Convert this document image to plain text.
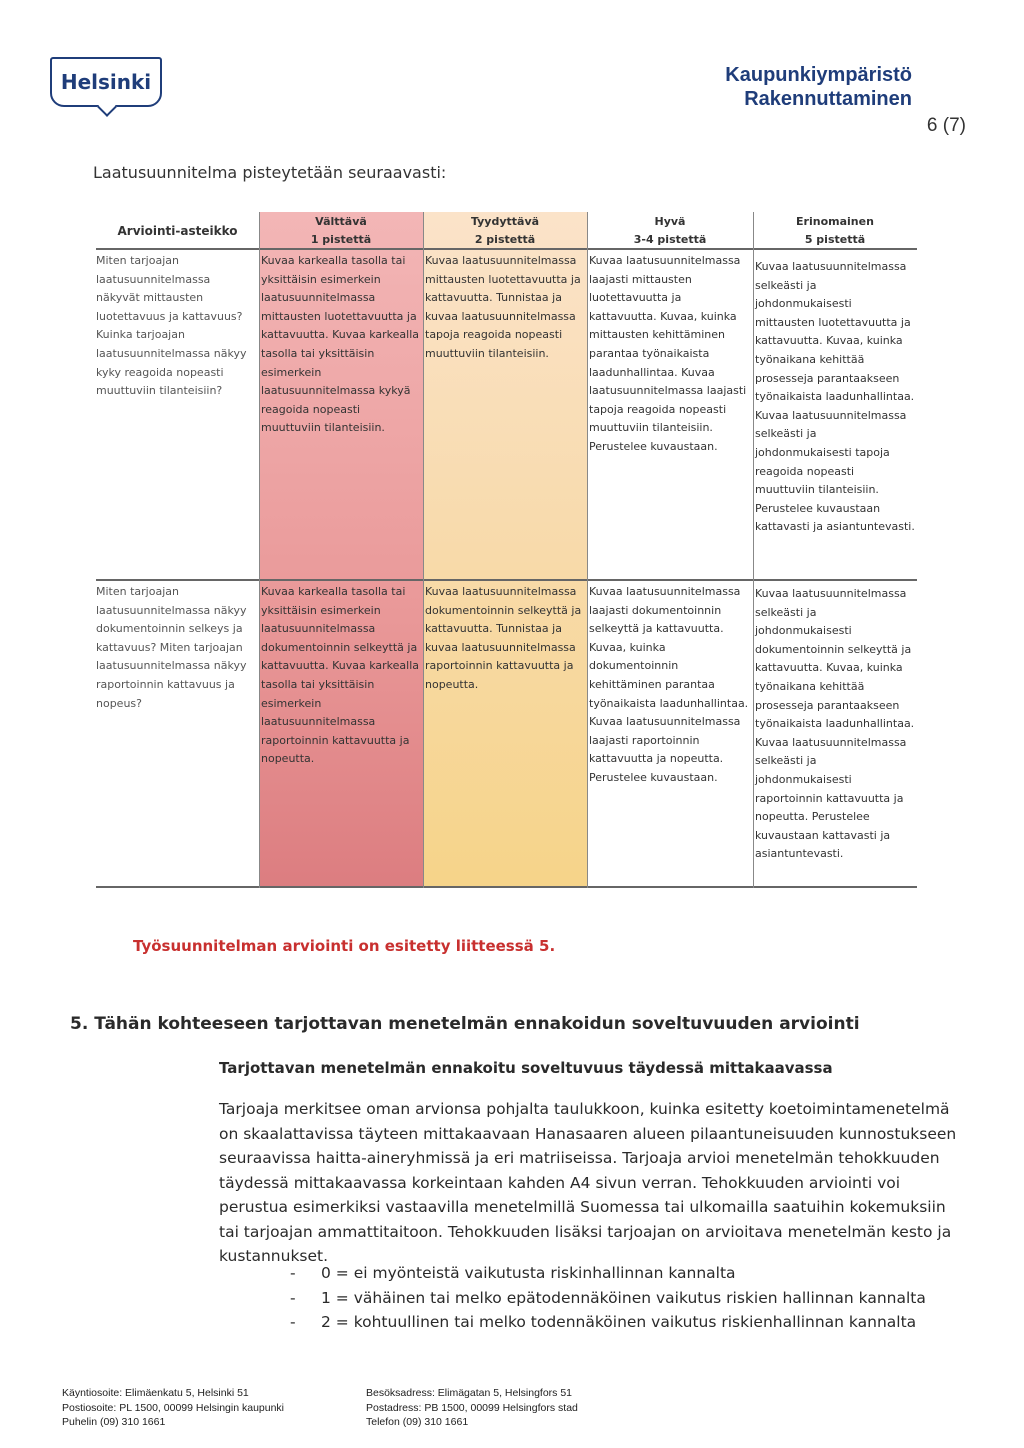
Helsinki	Kaupunkiympäristö
Rakennuttaminen
6 (7)
Laatusuunnitelma pisteytetään seuraavasti:
Arviointi-asteikko
Välttävä
1 pistettä
Tyydyttävä
2 pistettä
Hyvä
3-4 pistettä
Erinomainen
5 pistettä
Miten tarjoajan laatusuunnitelmassa näkyvät mittausten luotettavuus ja kattavuus? Kuinka tarjoajan laatusuunnitelmassa näkyy kyky reagoida nopeasti muuttuviin tilanteisiin?
Kuvaa karkealla tasolla tai yksittäisin esimerkein laatusuunnitelmassa mittausten luotettavuutta ja kattavuutta. Kuvaa karkealla tasolla tai yksittäisin esimerkein laatusuunnitelmassa kykyä reagoida nopeasti muuttuviin tilanteisiin.
Kuvaa laatusuunnitelmassa mittausten luotettavuutta ja kattavuutta. Tunnistaa ja kuvaa laatusuunnitelmassa tapoja reagoida nopeasti muuttuviin tilanteisiin.
Kuvaa laatusuunnitelmassa laajasti mittausten luotettavuutta ja kattavuutta. Kuvaa, kuinka mittausten kehittäminen parantaa työnaikaista laadunhallintaa. Kuvaa laatusuunnitelmassa laajasti tapoja reagoida nopeasti muuttuviin tilanteisiin. Perustelee kuvaustaan.
Kuvaa laatusuunnitelmassa selkeästi ja johdonmukaisesti mittausten luotettavuutta ja kattavuutta. Kuvaa, kuinka työnaikana kehittää prosesseja parantaakseen työnaikaista laadunhallintaa. Kuvaa laatusuunnitelmassa selkeästi ja johdonmukaisesti tapoja reagoida nopeasti muuttuviin tilanteisiin. Perustelee kuvaustaan kattavasti ja asiantuntevasti.
Miten tarjoajan laatusuunnitelmassa näkyy dokumentoinnin selkeys ja kattavuus? Miten tarjoajan laatusuunnitelmassa näkyy raportoinnin kattavuus ja nopeus?
Kuvaa karkealla tasolla tai yksittäisin esimerkein laatusuunnitelmassa dokumentoinnin selkeyttä ja kattavuutta. Kuvaa karkealla tasolla tai yksittäisin esimerkein laatusuunnitelmassa raportoinnin kattavuutta ja nopeutta.
Kuvaa laatusuunnitelmassa dokumentoinnin selkeyttä ja kattavuutta. Tunnistaa ja kuvaa laatusuunnitelmassa raportoinnin kattavuutta ja nopeutta.
Kuvaa laatusuunnitelmassa laajasti dokumentoinnin selkeyttä ja kattavuutta. Kuvaa, kuinka dokumentoinnin kehittäminen parantaa työnaikaista laadunhallintaa. Kuvaa laatusuunnitelmassa laajasti raportoinnin kattavuutta ja nopeutta. Perustelee kuvaustaan.
Kuvaa laatusuunnitelmassa selkeästi ja johdonmukaisesti dokumentoinnin selkeyttä ja kattavuutta. Kuvaa, kuinka työnaikana kehittää prosesseja parantaakseen työnaikaista laadunhallintaa. Kuvaa laatusuunnitelmassa selkeästi ja johdonmukaisesti raportoinnin kattavuutta ja nopeutta. Perustelee kuvaustaan kattavasti ja asiantuntevasti.
Työsuunnitelman arviointi on esitetty liitteessä 5.
5. Tähän kohteeseen tarjottavan menetelmän ennakoidun soveltuvuuden arviointi
Tarjottavan menetelmän ennakoitu soveltuvuus täydessä mittakaavassa
Tarjoaja merkitsee oman arvionsa pohjalta taulukkoon, kuinka esitetty koetoimintamenetelmä on skaalattavissa täyteen mittakaavaan Hanasaaren alueen pilaantuneisuuden kunnostukseen seuraavissa haitta-aineryhmissä ja eri matriiseissa. Tarjoaja arvioi menetelmän tehokkuuden täydessä mittakaavassa korkeintaan kahden A4 sivun verran. Tehokkuuden arviointi voi perustua esimerkiksi vastaavilla menetelmillä Suomessa tai ulkomailla saatuihin kokemuksiin tai tarjoajan ammattitaitoon. Tehokkuuden lisäksi tarjoajan on arvioitava menetelmän kesto ja kustannukset.
- 0 = ei myönteistä vaikutusta riskinhallinnan kannalta
- 1 = vähäinen tai melko epätodennäköinen vaikutus riskien hallinnan kannalta
- 2 = kohtuullinen tai melko todennäköinen vaikutus riskienhallinnan kannalta
Käyntiosoite: Elimäenkatu 5, Helsinki 51
Postiosoite: PL 1500, 00099 Helsingin kaupunki
Puhelin (09) 310 1661
Besöksadress: Elimägatan 5, Helsingfors 51
Postadress: PB 1500, 00099 Helsingfors stad
Telefon (09) 310 1661
